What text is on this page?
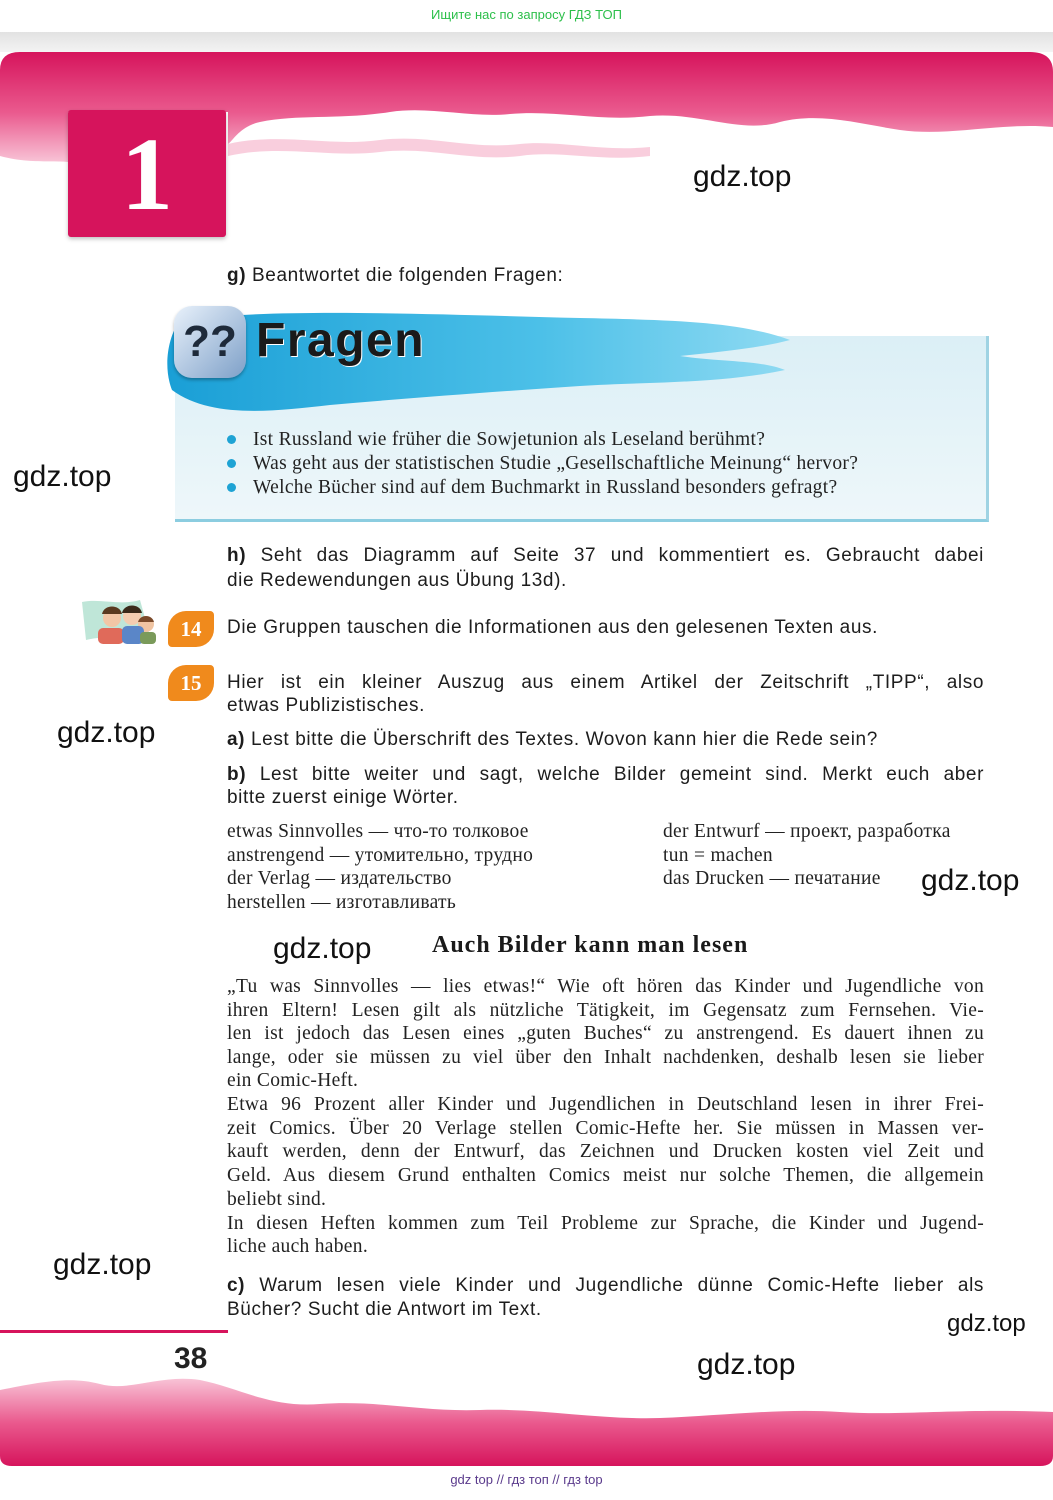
Ищите нас по запросу ГДЗ ТОП
1	gdz.top
gdz.top
gdz.top
gdz.top
gdz.top
gdz.top
gdz.top
gdz.top
g) Beantwortet die folgenden Fragen:
?? Fragen
Ist Russland wie früher die Sowjetunion als Leseland berühmt?
Was geht aus der statistischen Studie „Gesellschaftliche Meinung“ hervor?
Welche Bücher sind auf dem Buchmarkt in Russland besonders gefragt?
h) Seht das Diagramm auf Seite 37 und kommentiert es. Gebraucht dabei
die Redewendungen aus Übung 13d).
14	Die Gruppen tauschen die Informationen aus den gelesenen Texten aus.
15	Hier ist ein kleiner Auszug aus einem Artikel der Zeitschrift „TIPP“, also
etwas Publizistisches.
a) Lest bitte die Überschrift des Textes. Wovon kann hier die Rede sein?
b) Lest bitte weiter und sagt, welche Bilder gemeint sind. Merkt euch aber
bitte zuerst einige Wörter.
etwas Sinnvolles — что-то толковое
anstrengend — утомительно, трудно
der Verlag — издательство
herstellen — изготавливать
der Entwurf — проект, разработка
tun = machen
das Drucken — печатание
Auch Bilder kann man lesen
„Tu was Sinnvolles — lies etwas!“ Wie oft hören das Kinder und Jugendliche von
ihren Eltern! Lesen gilt als nützliche Tätigkeit, im Gegensatz zum Fernsehen. Vie-
len ist jedoch das Lesen eines „guten Buches“ zu anstrengend. Es dauert ihnen zu
lange, oder sie müssen zu viel über den Inhalt nachdenken, deshalb lesen sie lieber
ein Comic-Heft.
Etwa 96 Prozent aller Kinder und Jugendlichen in Deutschland lesen in ihrer Frei-
zeit Comics. Über 20 Verlage stellen Comic-Hefte her. Sie müssen in Massen ver-
kauft werden, denn der Entwurf, das Zeichnen und Drucken kosten viel Zeit und
Geld. Aus diesem Grund enthalten Comics meist nur solche Themen, die allgemein
beliebt sind.
In diesen Heften kommen zum Teil Probleme zur Sprache, die Kinder und Jugend-
liche auch haben.
c) Warum lesen viele Kinder und Jugendliche dünne Comic-Hefte lieber als
Bücher? Sucht die Antwort im Text.
38
gdz top // гдз топ // гдз top
